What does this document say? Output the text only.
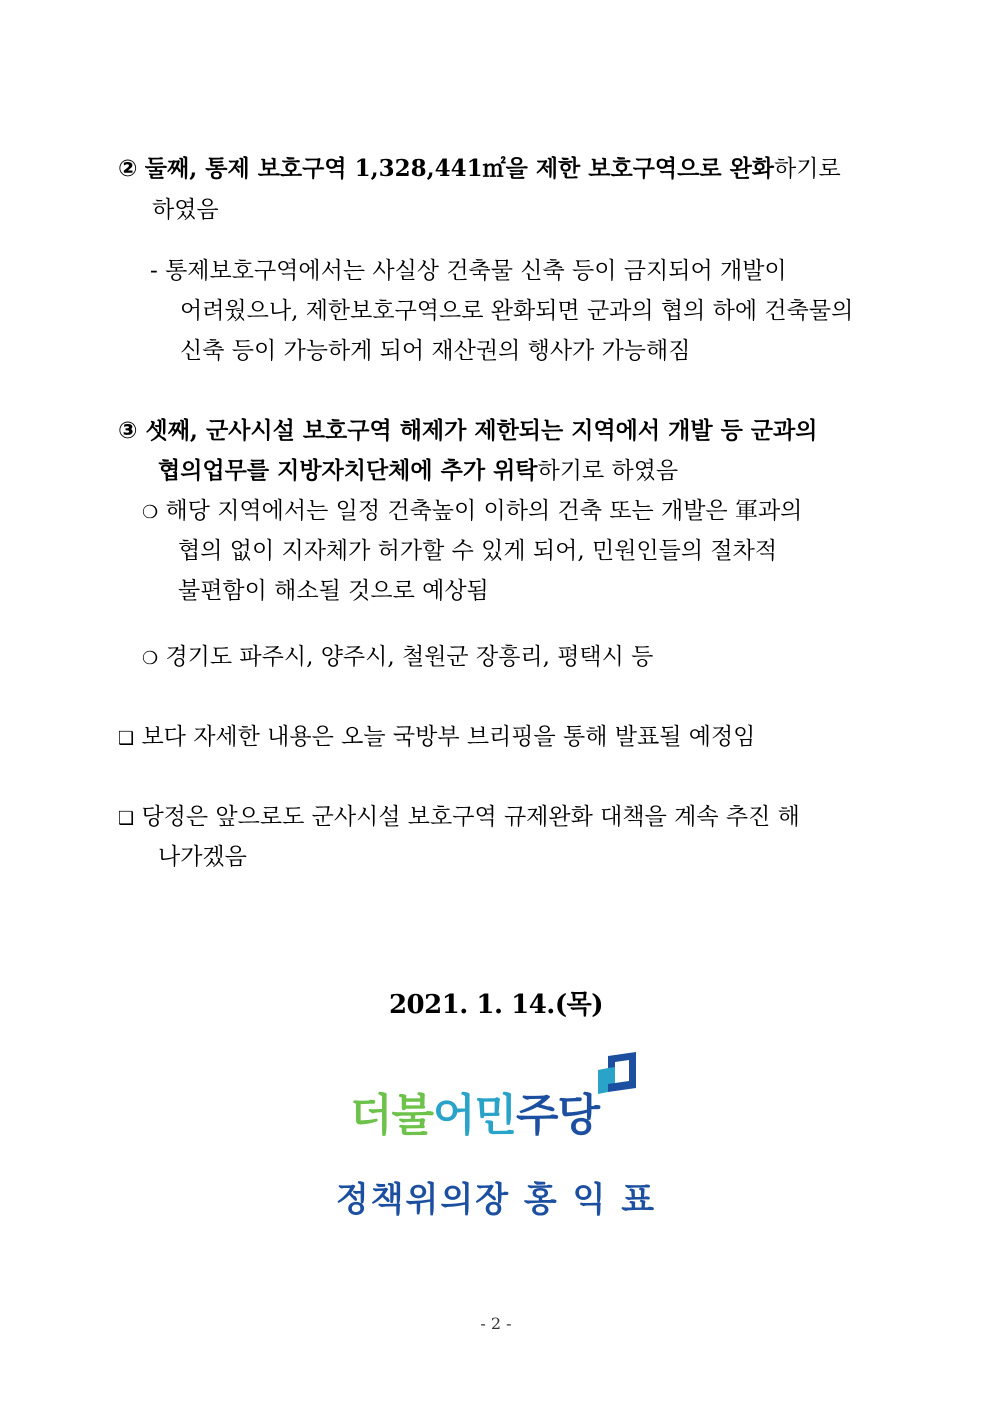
② 둘째, 통제 보호구역 1,328,441㎡을 제한 보호구역으로 완화하기로
하였음
- 통제보호구역에서는 사실상 건축물 신축 등이 금지되어 개발이
어려웠으나, 제한보호구역으로 완화되면 군과의 협의 하에 건축물의
신축 등이 가능하게 되어 재산권의 행사가 가능해짐
③ 셋째, 군사시설 보호구역 해제가 제한되는 지역에서 개발 등 군과의
협의업무를 지방자치단체에 추가 위탁하기로 하였음
❍ 해당 지역에서는 일정 건축높이 이하의 건축 또는 개발은 軍과의
협의 없이 지자체가 허가할 수 있게 되어, 민원인들의 절차적
불편함이 해소될 것으로 예상됨
❍ 경기도 파주시, 양주시, 철원군 장흥리, 평택시 등
❑ 보다 자세한 내용은 오늘 국방부 브리핑을 통해 발표될 예정임
❑ 당정은 앞으로도 군사시설 보호구역 규제완화 대책을 계속 추진 해
나가겠음
2021. 1. 14.(목)
더불어민주당
정책위의장 홍 익 표
- 2 -
